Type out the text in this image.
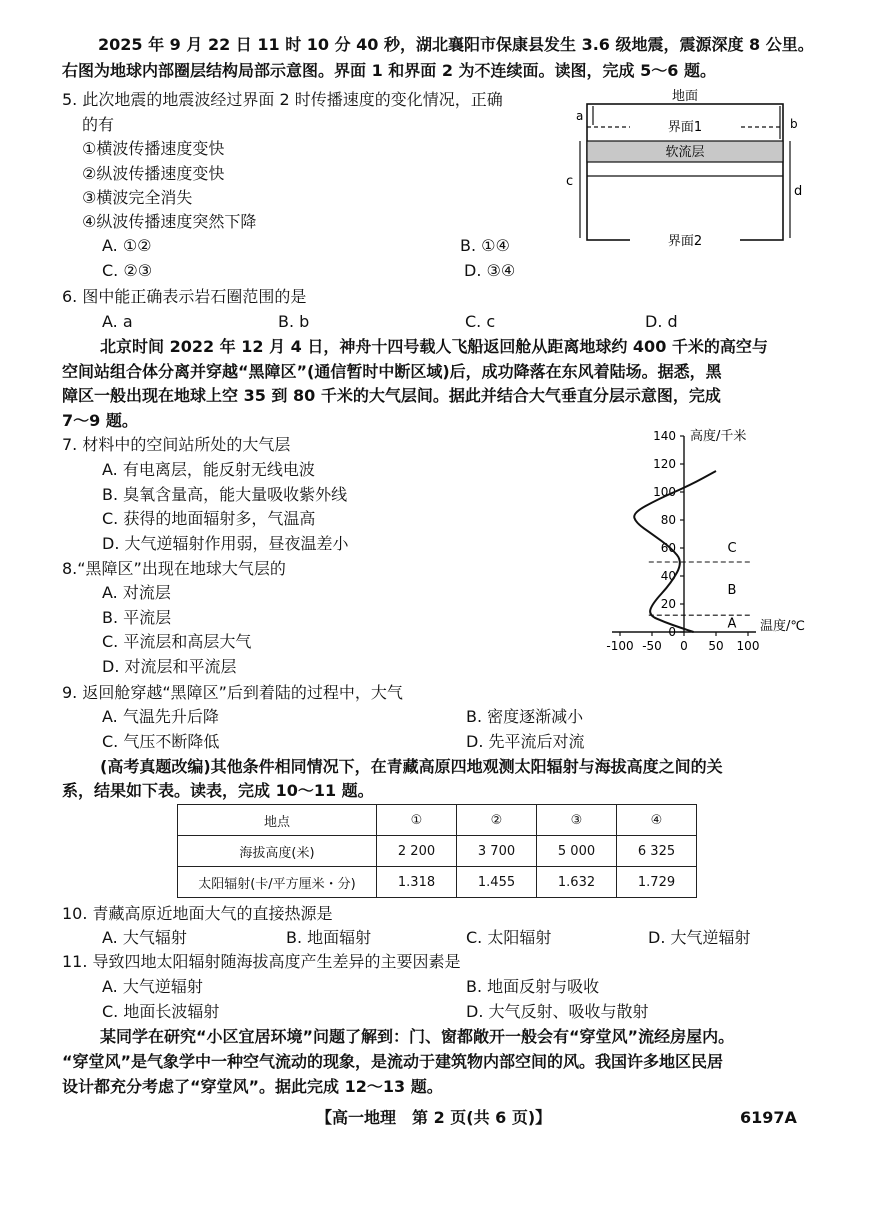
2025 年 9 月 22 日 11 时 10 分 40 秒，湖北襄阳市保康县发生 3.6 级地震，震源深度 8 公里。
右图为地球内部圈层结构局部示意图。界面 1 和界面 2 为不连续面。读图，完成 5～6 题。
5. 此次地震的地震波经过界面 2 时传播速度的变化情况，正确
的有
①横波传播速度变快
②纵波传播速度变快
③横波完全消失
④纵波传播速度突然下降
A. ①②	B. ①④
C. ②③	D. ③④
地面
界面1
软流层
界面2
a
b
c
d
6. 图中能正确表示岩石圈范围的是
A. a	B. b	C. c	D. d
北京时间 2022 年 12 月 4 日，神舟十四号载人飞船返回舱从距离地球约 400 千米的高空与
空间站组合体分离并穿越“黑障区”(通信暂时中断区域)后，成功降落在东风着陆场。据悉，黑
障区一般出现在地球上空 35 到 80 千米的大气层间。据此并结合大气垂直分层示意图，完成
7～9 题。
7. 材料中的空间站所处的大气层
A. 有电离层，能反射无线电波
B. 臭氧含量高，能大量吸收紫外线
C. 获得的地面辐射多，气温高
D. 大气逆辐射作用弱，昼夜温差小
8.“黑障区”出现在地球大气层的
A. 对流层
B. 平流层
C. 平流层和高层大气
D. 对流层和平流层
0
20
40
60
80
100
120
140
-100 -50 0 50 100
高度/千米
温度/℃
A
B
C
9. 返回舱穿越“黑障区”后到着陆的过程中，大气
A. 气温先升后降	B. 密度逐渐减小
C. 气压不断降低	D. 先平流后对流
(高考真题改编)其他条件相同情况下，在青藏高原四地观测太阳辐射与海拔高度之间的关
系，结果如下表。读表，完成 10～11 题。
地点	①	②	③	④
海拔高度(米)	2 200	3 700	5 000	6 325
太阳辐射(卡/平方厘米・分)	1.318	1.455	1.632	1.729
10. 青藏高原近地面大气的直接热源是
A. 大气辐射	B. 地面辐射	C. 太阳辐射	D. 大气逆辐射
11. 导致四地太阳辐射随海拔高度产生差异的主要因素是
A. 大气逆辐射	B. 地面反射与吸收
C. 地面长波辐射	D. 大气反射、吸收与散射
某同学在研究“小区宜居环境”问题了解到：门、窗都敞开一般会有“穿堂风”流经房屋内。
“穿堂风”是气象学中一种空气流动的现象，是流动于建筑物内部空间的风。我国许多地区民居
设计都充分考虑了“穿堂风”。据此完成 12～13 题。
【高一地理　第 2 页(共 6 页)】	6197A
